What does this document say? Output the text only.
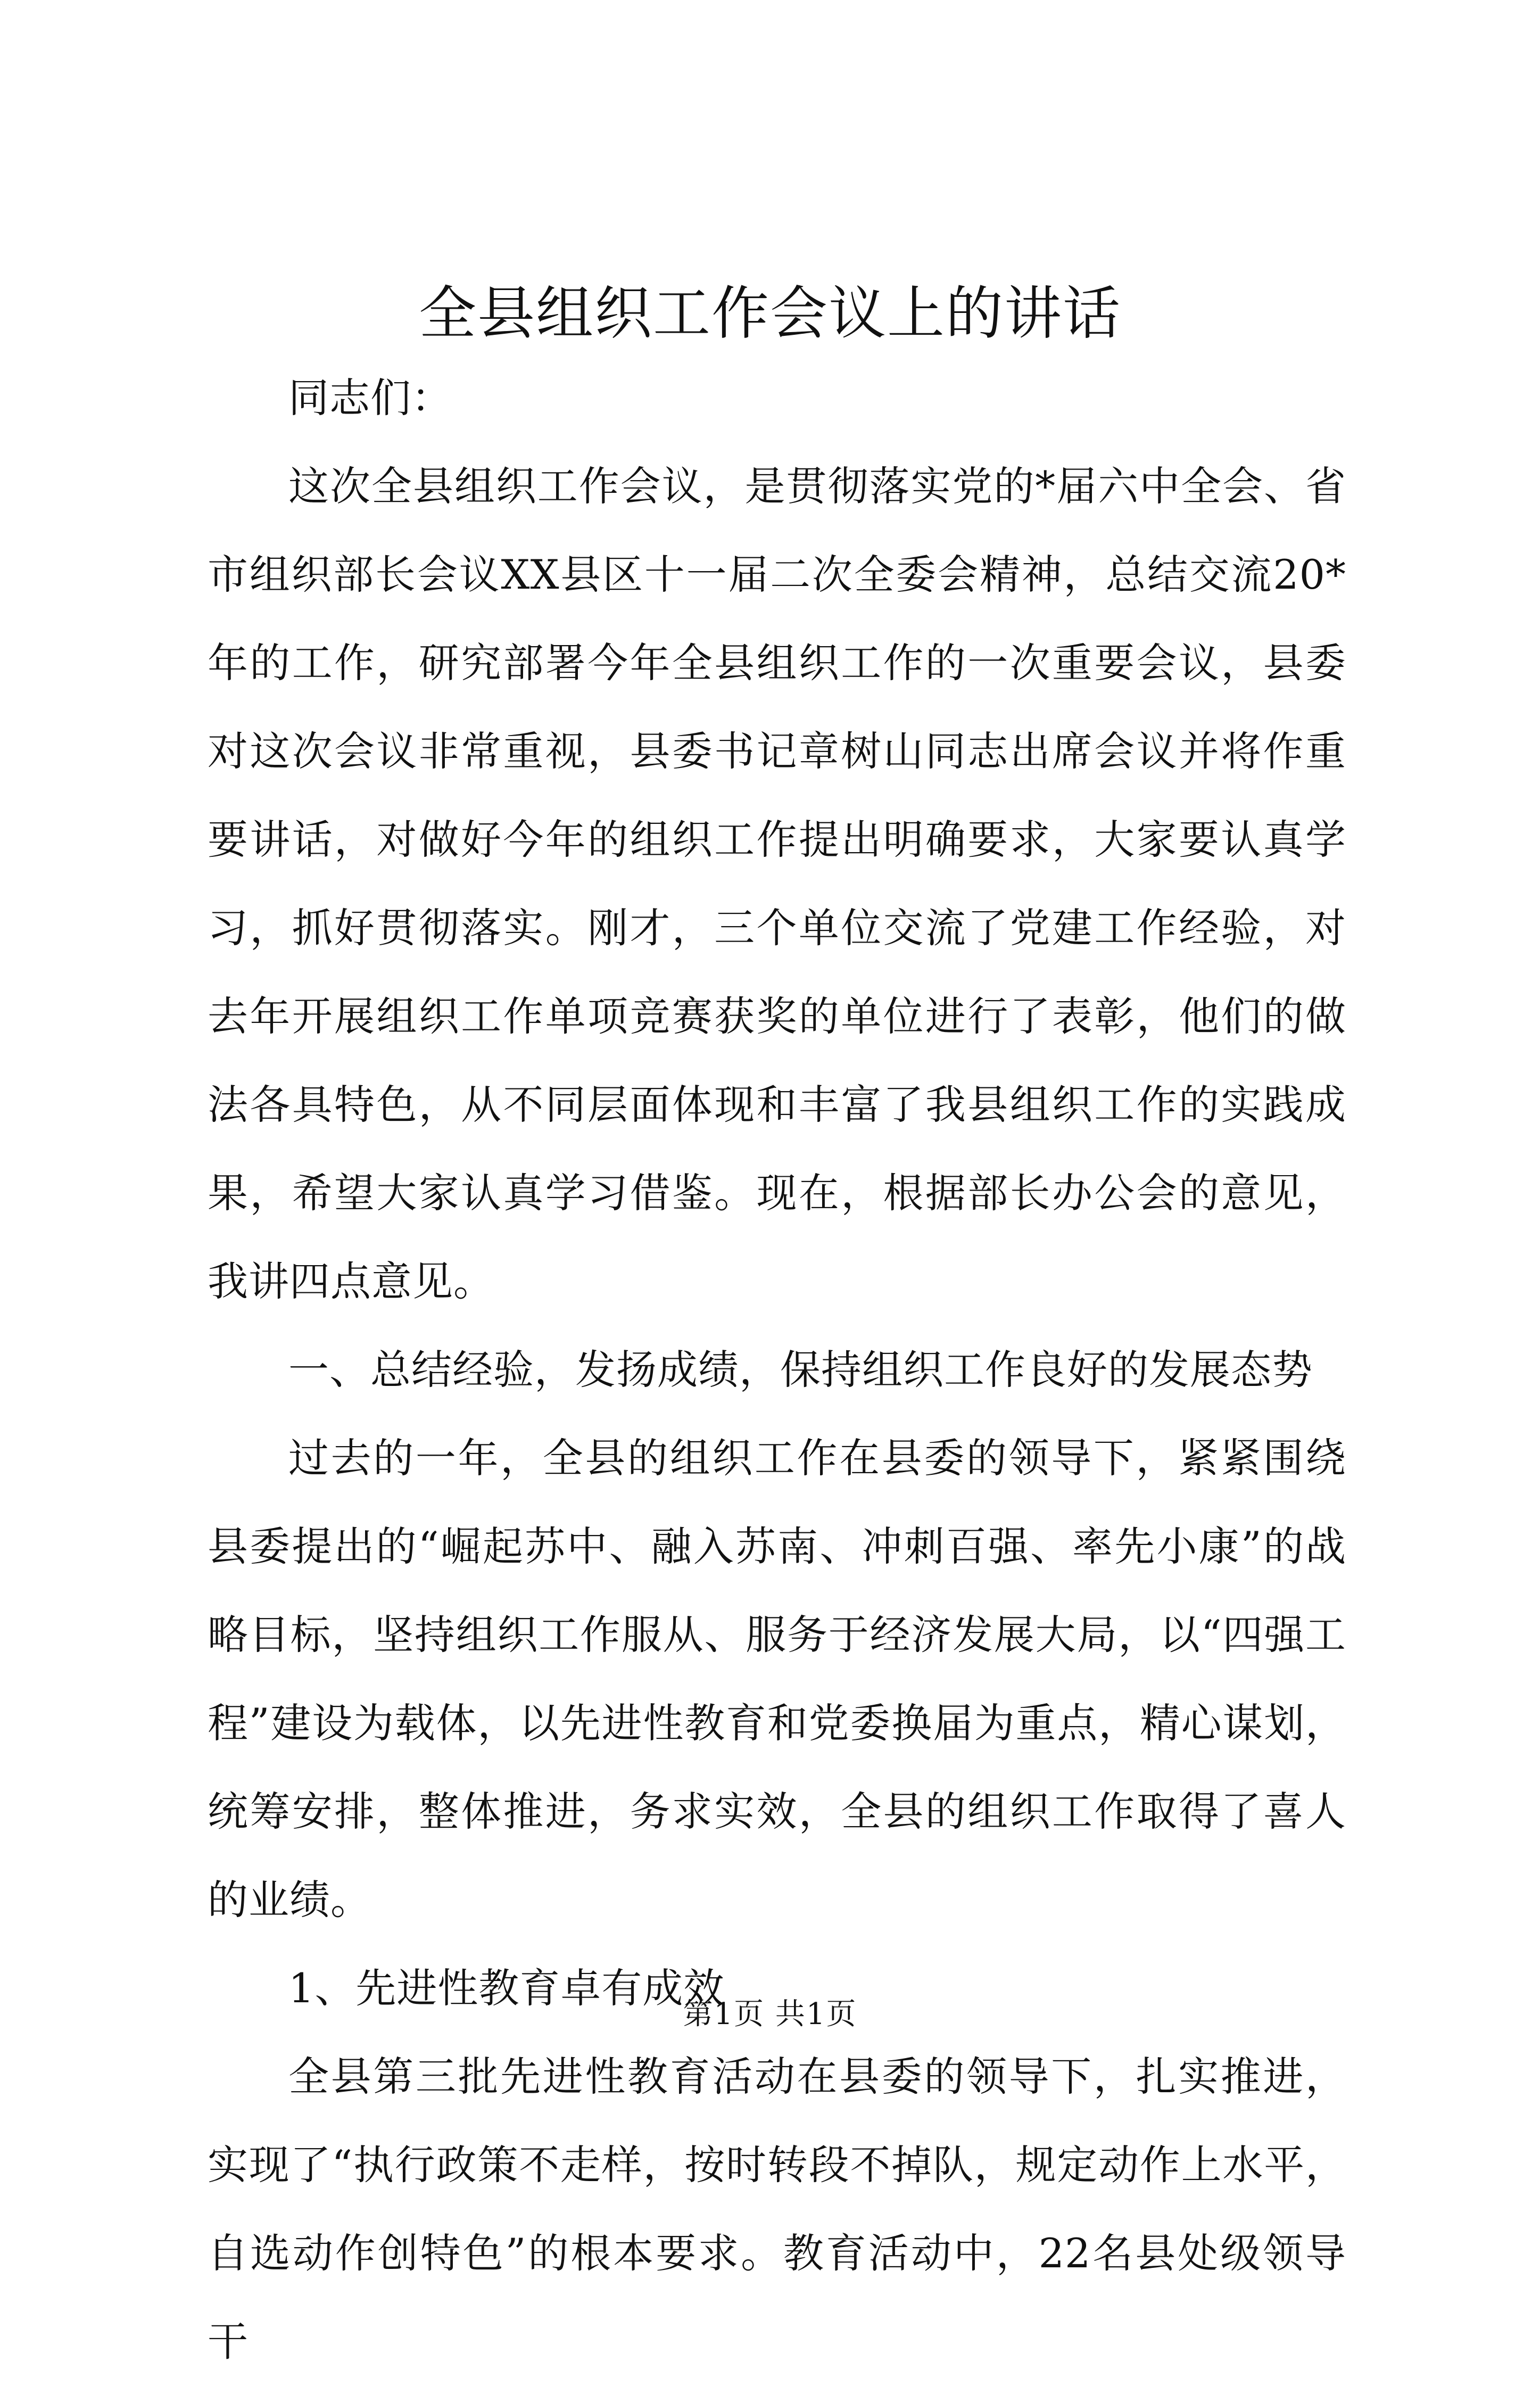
全县组织工作会议上的讲话

同志们：

这次全县组织工作会议，是贯彻落实党的*届六中全会、省市组织部长会议XX县区十一届二次全委会精神，总结交流20*年的工作，研究部署今年全县组织工作的一次重要会议，县委对这次会议非常重视，县委书记章树山同志出席会议并将作重要讲话，对做好今年的组织工作提出明确要求，大家要认真学习，抓好贯彻落实。刚才，三个单位交流了党建工作经验，对去年开展组织工作单项竞赛获奖的单位进行了表彰，他们的做法各具特色，从不同层面体现和丰富了我县组织工作的实践成果，希望大家认真学习借鉴。现在，根据部长办公会的意见，我讲四点意见。

一、总结经验，发扬成绩，保持组织工作良好的发展态势

过去的一年，全县的组织工作在县委的领导下，紧紧围绕县委提出的“崛起苏中、融入苏南、冲刺百强、率先小康”的战略目标，坚持组织工作服从、服务于经济发展大局，以“四强工程”建设为载体，以先进性教育和党委换届为重点，精心谋划，统筹安排，整体推进，务求实效，全县的组织工作取得了喜人的业绩。

1、先进性教育卓有成效

全县第三批先进性教育活动在县委的领导下，扎实推进，实现了“执行政策不走样，按时转段不掉队，规定动作上水平，自选动作创特色”的根本要求。教育活动中，22名县处级领导干

第1页 共1页
